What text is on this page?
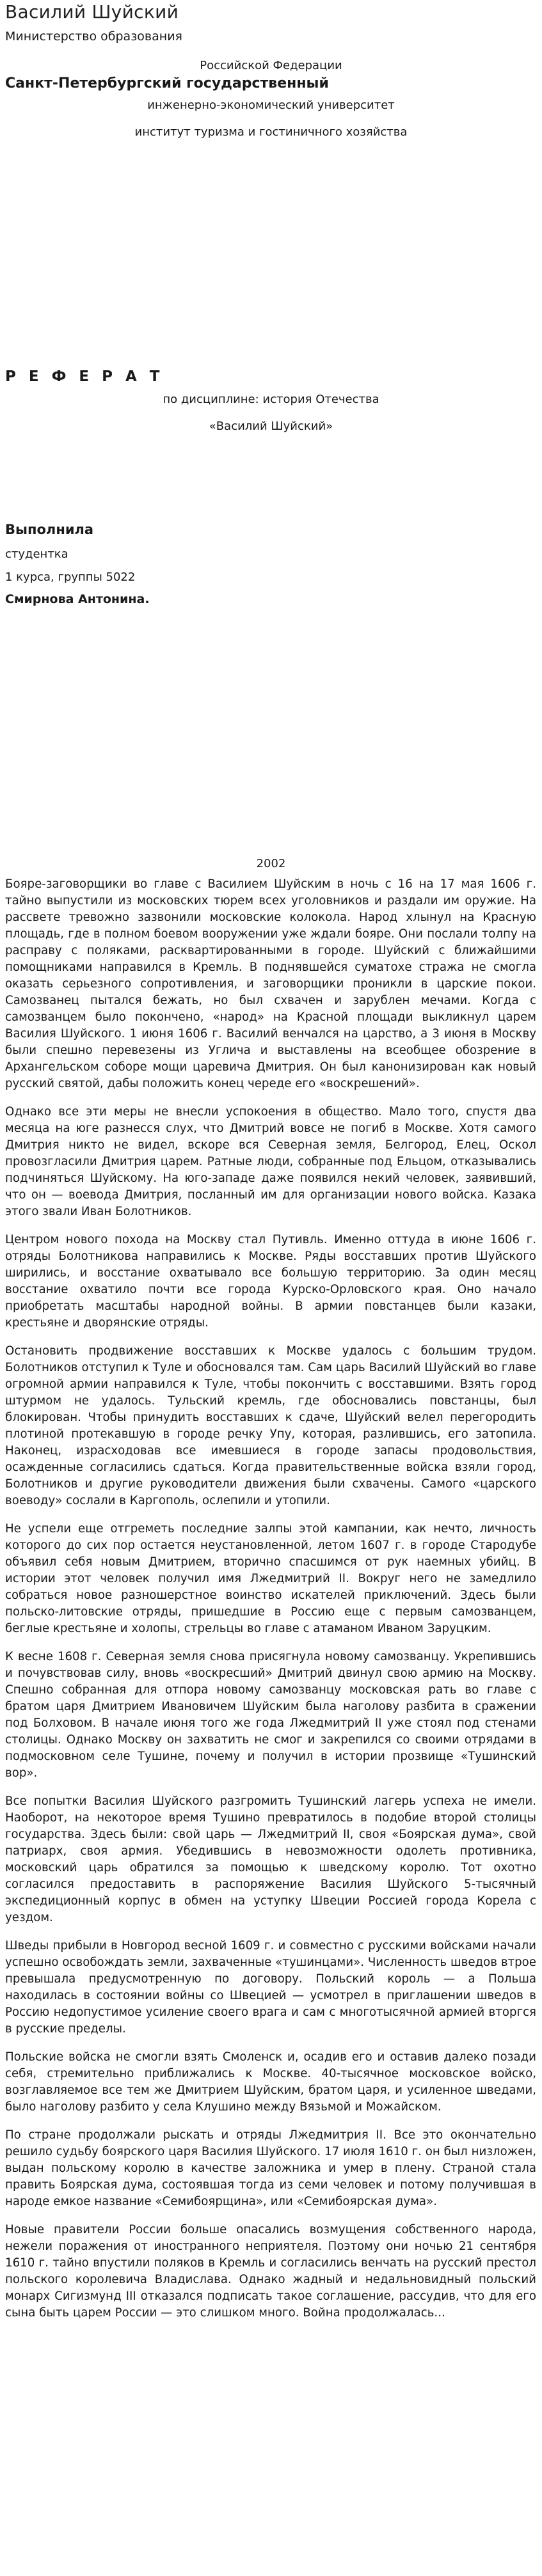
Василий Шуйский
Министерство образования
Российской Федерации
Санкт-Петербургский государственный
инженерно-экономический университет
институт туризма и гостиничного хозяйства
Р Е Ф Е Р А Т
по дисциплине: история Отечества
«Василий Шуйский»
Выполнила
студентка
1 курса, группы 5022
Смирнова Антонина.
2002

Бояре-заговорщики во главе с Василием Шуйским в ночь с 16 на 17 мая 1606 г. тайно выпустили из московских тюрем всех уголовников и раздали им оружие. На рассвете тревожно зазвонили московские колокола. Народ хлынул на Красную площадь, где в полном боевом вооружении уже ждали бояре. Они послали толпу на расправу с поляками, расквартированными в городе. Шуйский с ближайшими помощниками направился в Кремль. В поднявшейся суматохе стража не смогла оказать серьезного сопротивления, и заговорщики проникли в царские покои. Самозванец пытался бежать, но был схвачен и зарублен мечами. Когда с самозванцем было покончено, «народ» на Красной площади выкликнул царем Василия Шуйского. 1 июня 1606 г. Василий венчался на царство, а 3 июня в Москву были спешно перевезены из Углича и выставлены на всеобщее обозрение в Архангельском соборе мощи царевича Дмитрия. Он был канонизирован как новый русский святой, дабы положить конец череде его «воскрешений».

Однако все эти меры не внесли успокоения в общество. Мало того, спустя два месяца на юге разнесся слух, что Дмитрий вовсе не погиб в Москве. Хотя самого Дмитрия никто не видел, вскоре вся Северная земля, Белгород, Елец, Оскол провозгласили Дмитрия царем. Ратные люди, собранные под Ельцом, отказывались подчиняться Шуйскому. На юго-западе даже появился некий человек, заявивший, что он — воевода Дмитрия, посланный им для организации нового войска. Казака этого звали Иван Болотников.

Центром нового похода на Москву стал Путивль. Именно оттуда в июне 1606 г. отряды Болотникова направились к Москве. Ряды восставших против Шуйского ширились, и восстание охватывало все большую территорию. За один месяц восстание охватило почти все города Курско-Орловского края. Оно начало приобретать масштабы народной войны. В армии повстанцев были казаки, крестьяне и дворянские отряды.

Остановить продвижение восставших к Москве удалось с большим трудом. Болотников отступил к Туле и обосновался там. Сам царь Василий Шуйский во главе огромной армии направился к Туле, чтобы покончить с восставшими. Взять город штурмом не удалось. Тульский кремль, где обосновались повстанцы, был блокирован. Чтобы принудить восставших к сдаче, Шуйский велел перегородить плотиной протекавшую в городе речку Упу, которая, разлившись, его затопила. Наконец, израсходовав все имевшиеся в городе запасы продовольствия, осажденные согласились сдаться. Когда правительственные войска взяли город, Болотников и другие руководители движения были схвачены. Самого «царского воеводу» сослали в Каргополь, ослепили и утопили.

Не успели еще отгреметь последние залпы этой кампании, как нечто, личность которого до сих пор остается неустановленной, летом 1607 г. в городе Стародубе объявил себя новым Дмитрием, вторично спасшимся от рук наемных убийц. В истории этот человек получил имя Лжедмитрий II. Вокруг него не замедлило собраться новое разношерстное воинство искателей приключений. Здесь были польско-литовские отряды, пришедшие в Россию еще с первым самозванцем, беглые крестьяне и холопы, стрельцы во главе с атаманом Иваном Заруцким.

К весне 1608 г. Северная земля снова присягнула новому самозванцу. Укрепившись и почувствовав силу, вновь «воскресший» Дмитрий двинул свою армию на Москву. Спешно собранная для отпора новому самозванцу московская рать во главе с братом царя Дмитрием Ивановичем Шуйским была наголову разбита в сражении под Болховом. В начале июня того же года Лжедмитрий II уже стоял под стенами столицы. Однако Москву он захватить не смог и закрепился со своими отрядами в подмосковном селе Тушине, почему и получил в истории прозвище «Тушинский вор».

Все попытки Василия Шуйского разгромить Тушинский лагерь успеха не имели. Наоборот, на некоторое время Тушино превратилось в подобие второй столицы государства. Здесь были: свой царь — Лжедмитрий II, своя «Боярская дума», свой патриарх, своя армия. Убедившись в невозможности одолеть противника, московский царь обратился за помощью к шведскому королю. Тот охотно согласился предоставить в распоряжение Василия Шуйского 5-тысячный экспедиционный корпус в обмен на уступку Швеции Россией города Корела с уездом.

Шведы прибыли в Новгород весной 1609 г. и совместно с русскими войсками начали успешно освобождать земли, захваченные «тушинцами». Численность шведов втрое превышала предусмотренную по договору. Польский король — а Польша находилась в состоянии войны со Швецией — усмотрел в приглашении шведов в Россию недопустимое усиление своего врага и сам с многотысячной армией вторгся в русские пределы.

Польские войска не смогли взять Смоленск и, осадив его и оставив далеко позади себя, стремительно приближались к Москве. 40-тысячное московское войско, возглавляемое все тем же Дмитрием Шуйским, братом царя, и усиленное шведами, было наголову разбито у села Клушино между Вязьмой и Можайском.

По стране продолжали рыскать и отряды Лжедмитрия II. Все это окончательно решило судьбу боярского царя Василия Шуйского. 17 июля 1610 г. он был низложен, выдан польскому королю в качестве заложника и умер в плену. Страной стала править Боярская дума, состоявшая тогда из семи человек и потому получившая в народе емкое название «Семибоярщина», или «Семибоярская дума».

Новые правители России больше опасались возмущения собственного народа, нежели поражения от иностранного неприятеля. Поэтому они ночью 21 сентября 1610 г. тайно впустили поляков в Кремль и согласились венчать на русский престол польского королевича Владислава. Однако жадный и недальновидный польский монарх Сигизмунд III отказался подписать такое соглашение, рассудив, что для его сына быть царем России — это слишком много. Война продолжалась...
